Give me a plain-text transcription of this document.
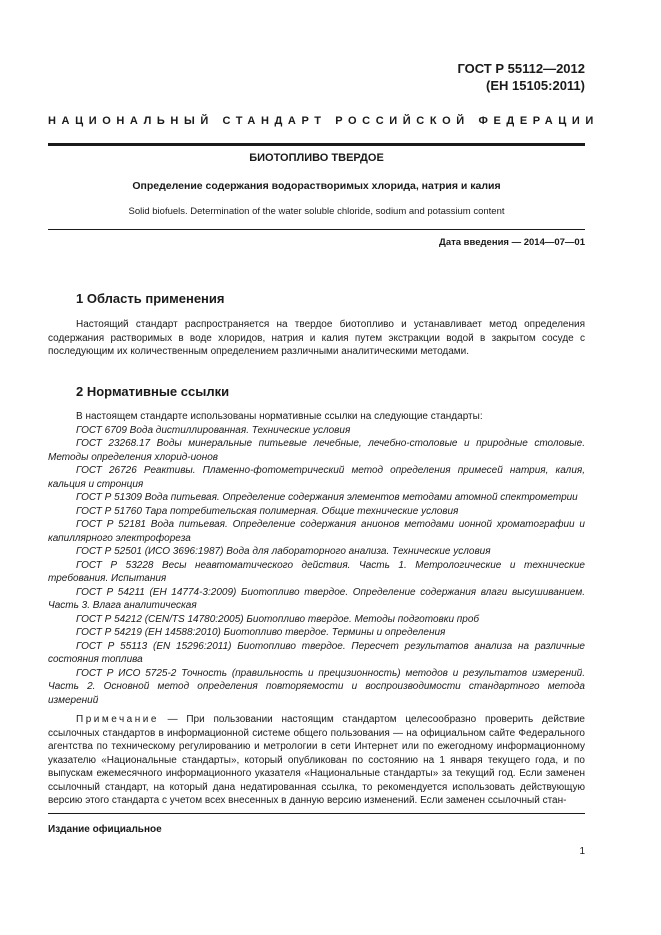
ГОСТ Р 55112—2012
(ЕН 15105:2011)
НАЦИОНАЛЬНЫЙ СТАНДАРТ РОССИЙСКОЙ ФЕДЕРАЦИИ
БИОТОПЛИВО ТВЕРДОЕ
Определение содержания водорастворимых хлорида, натрия и калия
Solid biofuels. Determination of the water soluble chloride, sodium and potassium content
Дата введения — 2014—07—01
1 Область применения

Настоящий стандарт распространяется на твердое биотопливо и устанавливает метод определения содержания растворимых в воде хлоридов, натрия и калия путем экстракции водой в закрытом сосуде с последующим их количественным определением различными аналитическими методами.

2 Нормативные ссылки

В настоящем стандарте использованы нормативные ссылки на следующие стандарты:

ГОСТ 6709 Вода дистиллированная. Технические условия

ГОСТ 23268.17 Воды минеральные питьевые лечебные, лечебно-столовые и природные столовые. Методы определения хлорид-ионов

ГОСТ 26726 Реактивы. Пламенно-фотометрический метод определения примесей натрия, калия, кальция и стронция

ГОСТ Р 51309 Вода питьевая. Определение содержания элементов методами атомной спектрометрии

ГОСТ Р 51760 Тара потребительская полимерная. Общие технические условия

ГОСТ Р 52181 Вода питьевая. Определение содержания анионов методами ионной хроматографии и капиллярного электрофореза

ГОСТ Р 52501 (ИСО 3696:1987) Вода для лабораторного анализа. Технические условия

ГОСТ Р 53228 Весы неавтоматического действия. Часть 1. Метрологические и технические требования. Испытания

ГОСТ Р 54211 (ЕН 14774-3:2009) Биотопливо твердое. Определение содержания влаги высушиванием. Часть 3. Влага аналитическая

ГОСТ Р 54212 (CEN/TS 14780:2005) Биотопливо твердое. Методы подготовки проб

ГОСТ Р 54219 (ЕН 14588:2010) Биотопливо твердое. Термины и определения

ГОСТ Р 55113 (EN 15296:2011) Биотопливо твердое. Пересчет результатов анализа на различные состояния топлива

ГОСТ Р ИСО 5725-2 Точность (правильность и прецизионность) методов и результатов измерений. Часть 2. Основной метод определения повторяемости и воспроизводимости стандартного метода измерений

Примечание — При пользовании настоящим стандартом целесообразно проверить действие ссылочных стандартов в информационной системе общего пользования — на официальном сайте Федерального агентства по техническому регулированию и метрологии в сети Интернет или по ежегодному информационному указателю «Национальные стандарты», который опубликован по состоянию на 1 января текущего года, и по выпускам ежемесячного информационного указателя «Национальные стандарты» за текущий год. Если заменен ссылочный стандарт, на который дана недатированная ссылка, то рекомендуется использовать действующую версию этого стандарта с учетом всех внесенных в данную версию изменений. Если заменен ссылочный стан-

Издание официальное
1
